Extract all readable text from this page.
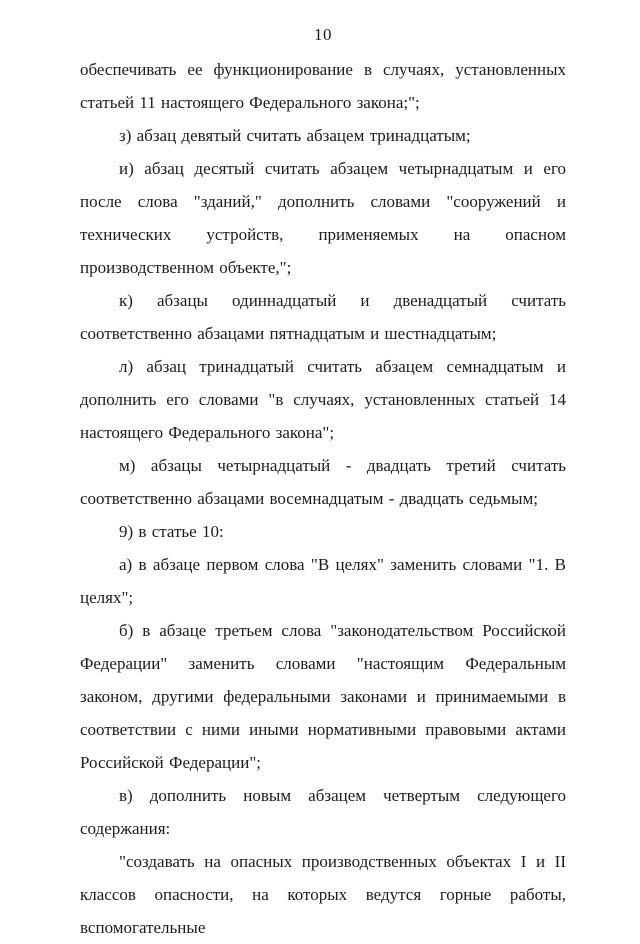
10

обеспечивать ее функционирование в случаях, установленных статьей 11 настоящего Федерального закона;";

з) абзац девятый считать абзацем тринадцатым;

и) абзац десятый считать абзацем четырнадцатым и его после слова "зданий," дополнить словами "сооружений и технических устройств, применяемых на опасном производственном объекте,";

к) абзацы одиннадцатый и двенадцатый считать соответственно абзацами пятнадцатым и шестнадцатым;

л) абзац тринадцатый считать абзацем семнадцатым и дополнить его словами "в случаях, установленных статьей 14 настоящего Федерального закона";

м) абзацы четырнадцатый - двадцать третий считать соответственно абзацами восемнадцатым - двадцать седьмым;

9) в статье 10:

а) в абзаце первом слова "В целях" заменить словами "1. В целях";

б) в абзаце третьем слова "законодательством Российской Федерации" заменить словами "настоящим Федеральным законом, другими федеральными законами и принимаемыми в соответствии с ними иными нормативными правовыми актами Российской Федерации";

в) дополнить новым абзацем четвертым следующего содержания:

"создавать на опасных производственных объектах I и II классов опасности, на которых ведутся горные работы, вспомогательные
